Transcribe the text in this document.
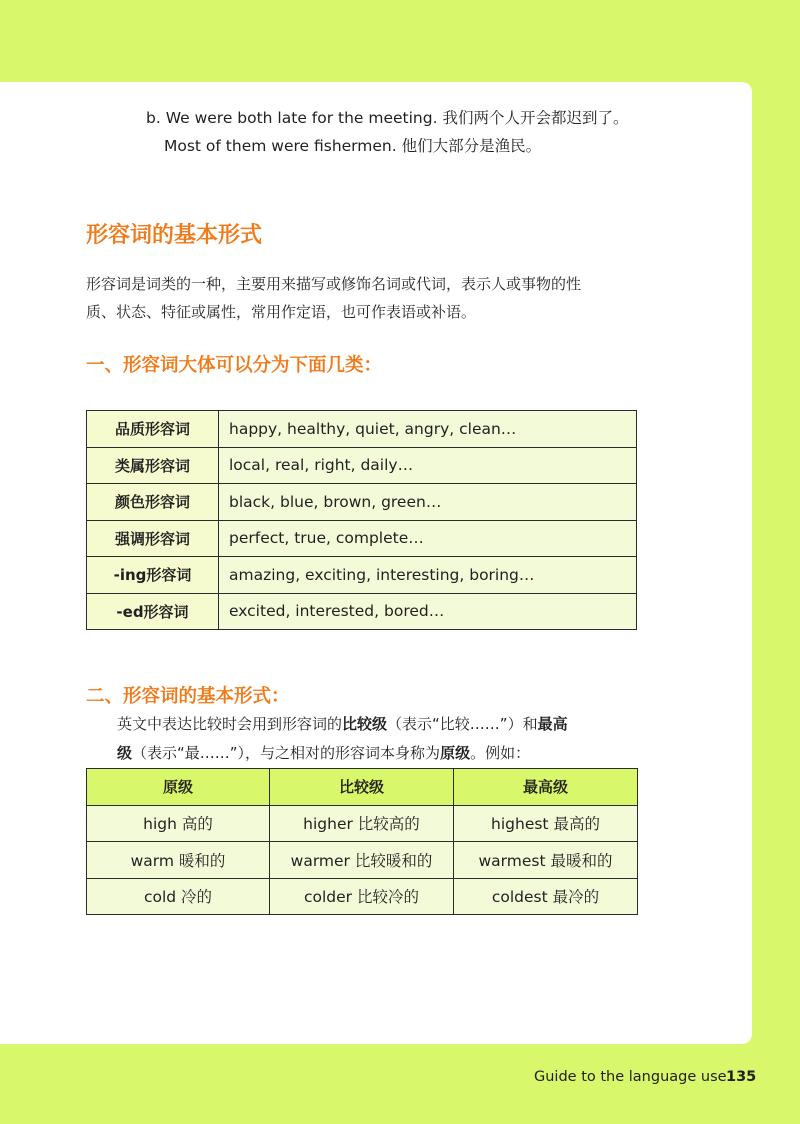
b. We were both late for the meeting. 我们两个人开会都迟到了。
Most of them were fishermen. 他们大部分是渔民。
形容词的基本形式
形容词是词类的一种，主要用来描写或修饰名词或代词，表示人或事物的性
质、状态、特征或属性，常用作定语，也可作表语或补语。
一、形容词大体可以分为下面几类：
品质形容词	happy, healthy, quiet, angry, clean…
类属形容词	local, real, right, daily…
颜色形容词	black, blue, brown, green…
强调形容词	perfect, true, complete…
-ing形容词	amazing, exciting, interesting, boring…
-ed形容词	excited, interested, bored…
二、形容词的基本形式：
英文中表达比较时会用到形容词的比较级（表示“比较……”）和最高
级（表示“最……”），与之相对的形容词本身称为原级。例如：
原级	比较级	最高级
high 高的	higher 比较高的	highest 最高的
warm 暖和的	warmer 比较暖和的	warmest 最暖和的
cold 冷的	colder 比较冷的	coldest 最冷的
Guide to the language use 135
